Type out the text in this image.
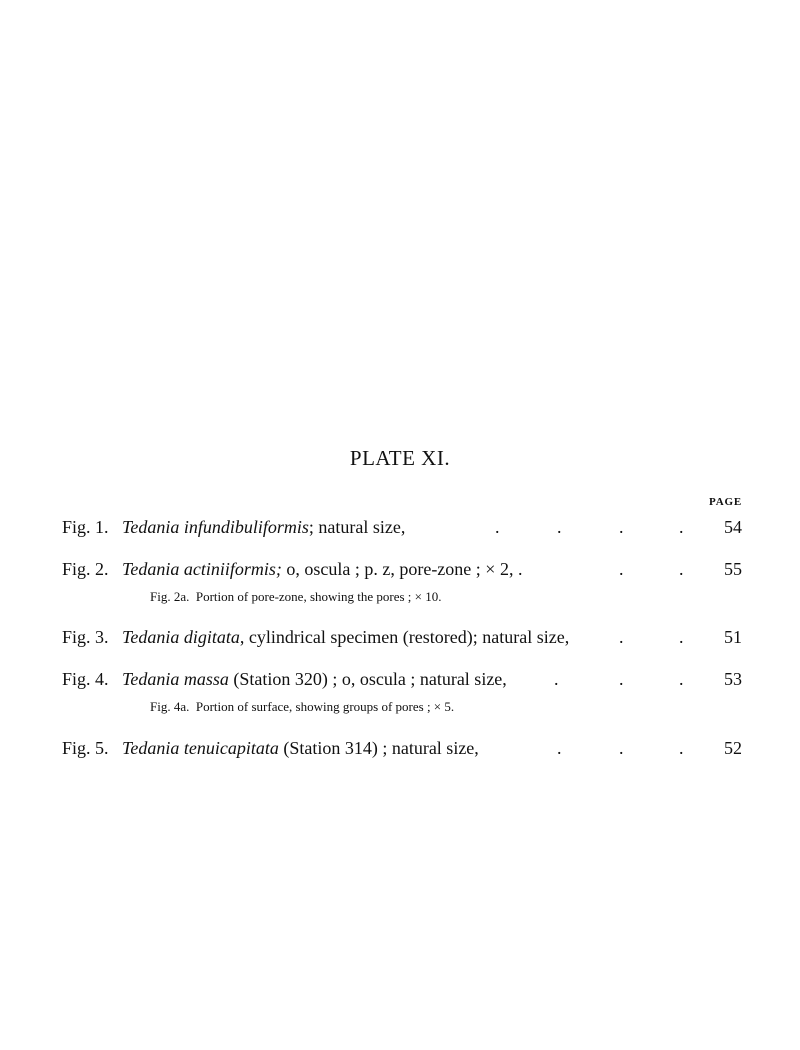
PLATE XI.
PAGE
Fig. 1. Tedania infundibuliformis; natural size,	.	.	.	.	54
Fig. 2. Tedania actiniiformis; o, oscula ; p. z, pore-zone ; × 2, .	.	.	55
Fig. 2a. Portion of pore-zone, showing the pores ; × 10.
Fig. 3. Tedania digitata, cylindrical specimen (restored); natural size,	.	.	51
Fig. 4. Tedania massa (Station 320) ; o, oscula ; natural size,	.	.	.	53
Fig. 4a. Portion of surface, showing groups of pores ; × 5.
Fig. 5. Tedania tenuicapitata (Station 314) ; natural size,	.	.	.	52
